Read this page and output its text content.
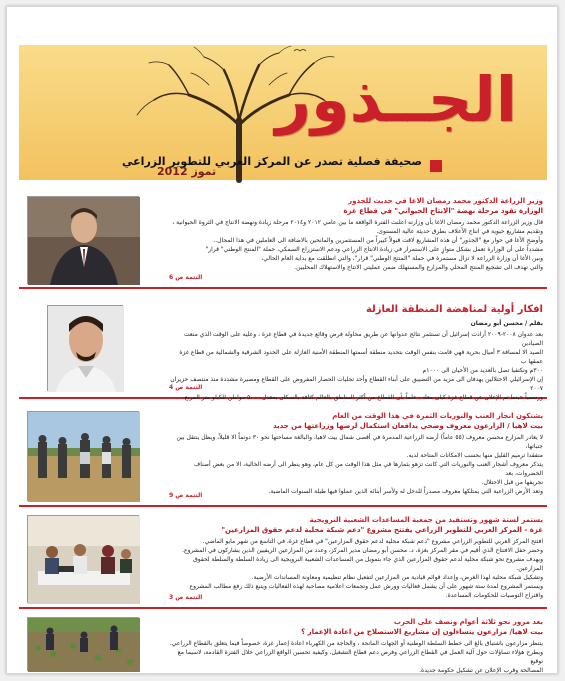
الجــذور
صحيفة فصلية تصدر عن المركز العربي للتطوير الزراعي
تموز 2012
وزير الزراعة الدكتور محمد رمضان الاغا في حديث للجذور
الوزارة تقود مرحلة نهضة "الانتاج الحيواني" في قطاع غزة
قال وزير الزراعة الدكتور محمد رمضان الاغا بأن وزارته اعلنت الفترة الواقعة ما بين عامي ٢٠١٢ و٢٠١٤ مرحلة زيادة ونهضة الانتاج في الثروة الحيوانية ،
وتقديم مشاريع حيوية في انتاج الأعلاف بطرق حديثة عالية المستوى.
وأوضح الأغا في حوار مع "الجذور" أن هذه المشاريع لاقت قبولاً كبيراً من المستثمرين والمانحين بالاضافة الى العاملين في هذا المجال..
مشدداً على أن الوزارة تعمل بشكل متوازٍ على الاستمرار في زيادة الانتاج الزراعي ودعم الاستزراع السمكي، حملة "المنتج الوطني" قرار"
وبين الأغا أن وزارة الزراعة لا تزال مستمرة في حملة "المنتج الوطني" قرار"، والتي انطلقت مع بداية العام الحالي،
والتي تهدف الى تشجيع المنتج المحلي والمزارع والمستهلك ضمن عمليتي الانتاج والاستهلاك المحليين.
التتمة ص 6
افكار أولية لمناهضة المنطقة العازلة
بقلم / محسن أبو رمضان
بعد عدوان ٢٠٠٨-٢٠٠٩ أرادت إسرائيل أن تستثمر نتائج عدوانها عن طريق محاولة فرض وقائع جديدة في قطاع غزة ، وعليه على الوقت الذي منعت الصيادين
الصيد الا لمسافة ٣ أميال بحرية فهي قامت بنفس الوقت بتحديد منطقة أسمتها المنطقة الأمنية العازلة على الحدود الشرقية والشمالية من قطاع غزة عمقها ب
٣٠٠م وتكتفيا تصل بالعديد من الأحيان الى ١٠٠٠م
إن الإسرائيلي الاحتلالين يهدفان الى مزيد من التضييق على أبناء القطاع وأحد تجليات الحصار المفروض على القطاع ومصيرة مشددة منذ منتصف حزيران ٢٠٠٧
ورسمياً حينما تم الإعلان عن قطاع غزة كيان معاد ، علماً بأن القطاع من أكثر المناطق بالعالم كثافة بالسكان بمعدل ٥٠٠٠ مواطن للكيلو متر المربع .
التتمة ص 4
يشتكون انجاز العنب والنوريات الثمرة في هذا الوقت من العام
بيت لاهيا / الزارعون معروف وضحي يدافعان استكمال لرضها وزراعتها من جديد
لا يغادر المزارع محسن معروف (٥٥ عاماً) أرضه الزراعية المدمرة في أقصى شمال بيت لاهيا، والبالغة مساحتها نحو ٣٠ دونماً الا قليلاً، ويظل ينتقل بين جنباتها،
متفقدا ترميم القليل منها بحسب الامكانات المتاحة لديه.
يتذكر معروف أشجار العنب والنوريات التي كانت تزهو بثمارها في مثل هذا الوقت من كل عام، وهو ينظر الى أرضه الخالية، الا من بعض أصناف الخضروات، بعد
تجريفها من قبل الاحتلال.
وتعد الأرض الزراعية التي يمتلكها معروف مصدراً للدخل له ولأسر أبنائه الذين عملوا فيها طيلة السنوات الماضية.
التتمة ص 9
يستمر لستة شهور وتستفيد من جمعية المساعدات الشعبية النرويجية
غزة - المركز العربي للتطوير الزراعي يفتتح مشروع "دعم شبكة محلية لدعم حقوق المزارعين"
افتتح المركز العربي للتطوير الزراعي مشروع "دعم شبكة محلية لدعم حقوق المزارعين" في قطاع غزة، في التاسع من شهر مايو الماضي.
وحضر حفل الافتتاح الذي أقيم في مقر المركز بغزة، د. محسن أبو رمضان مدير المركز، وعدد من المزارعين الريفيين الذين يشاركون في المشروع.
ويهدف مشروع نحو شبكة محلية لدعم حقوق المزارعين الذي جاء بتمويل من المساعدات الشعبية النرويجية الى زيادة السلطة والسلطة لحقوق المزارعين.
وتشكيل شبكة محلية لهذا الغرض، وإعداد قوائم قيادية من المزارعين لتفعيل نظام تنظيمية ومعاونة المساندات الأرضية.
ويستمر المشروع لمدة ستة شهور على أن يشمل فعاليات وورش عمل وتجمعات اعلامية مصاحبة لهذه الفعاليات ويتبع ذلك رفع مطالب المشروع
واقتراح التوصيات للحكومات المساعدة.
التتمة ص 3
بعد مرور نحو ثلاثة أعوام ونصف على الحرب
بيت لاهيا/ مزارعون يتساءلون إن مشاريع الاستصلاح من اعادة الإعمار ؟
ينتظر مزارعون باشتياق بالغ الى خطط السلطة الوطنية أو الجهات المانحة ، والحاجة من الكهرباء اعادة إعمار غزة، خصوصاً فيما يتعلق بالقطاع الزراعي.
ويطرح هؤلاء تساؤلات حول آلية العمل في القطاع الزراعي وفرص دعم قطاع التشغيل، وكيفية تحسين الواقع الزراعي خلال الفترة القادمة، لاسيما مع توقيع
المصالحة وقرب الإعلان عن تشكيل حكومة جديدة.
